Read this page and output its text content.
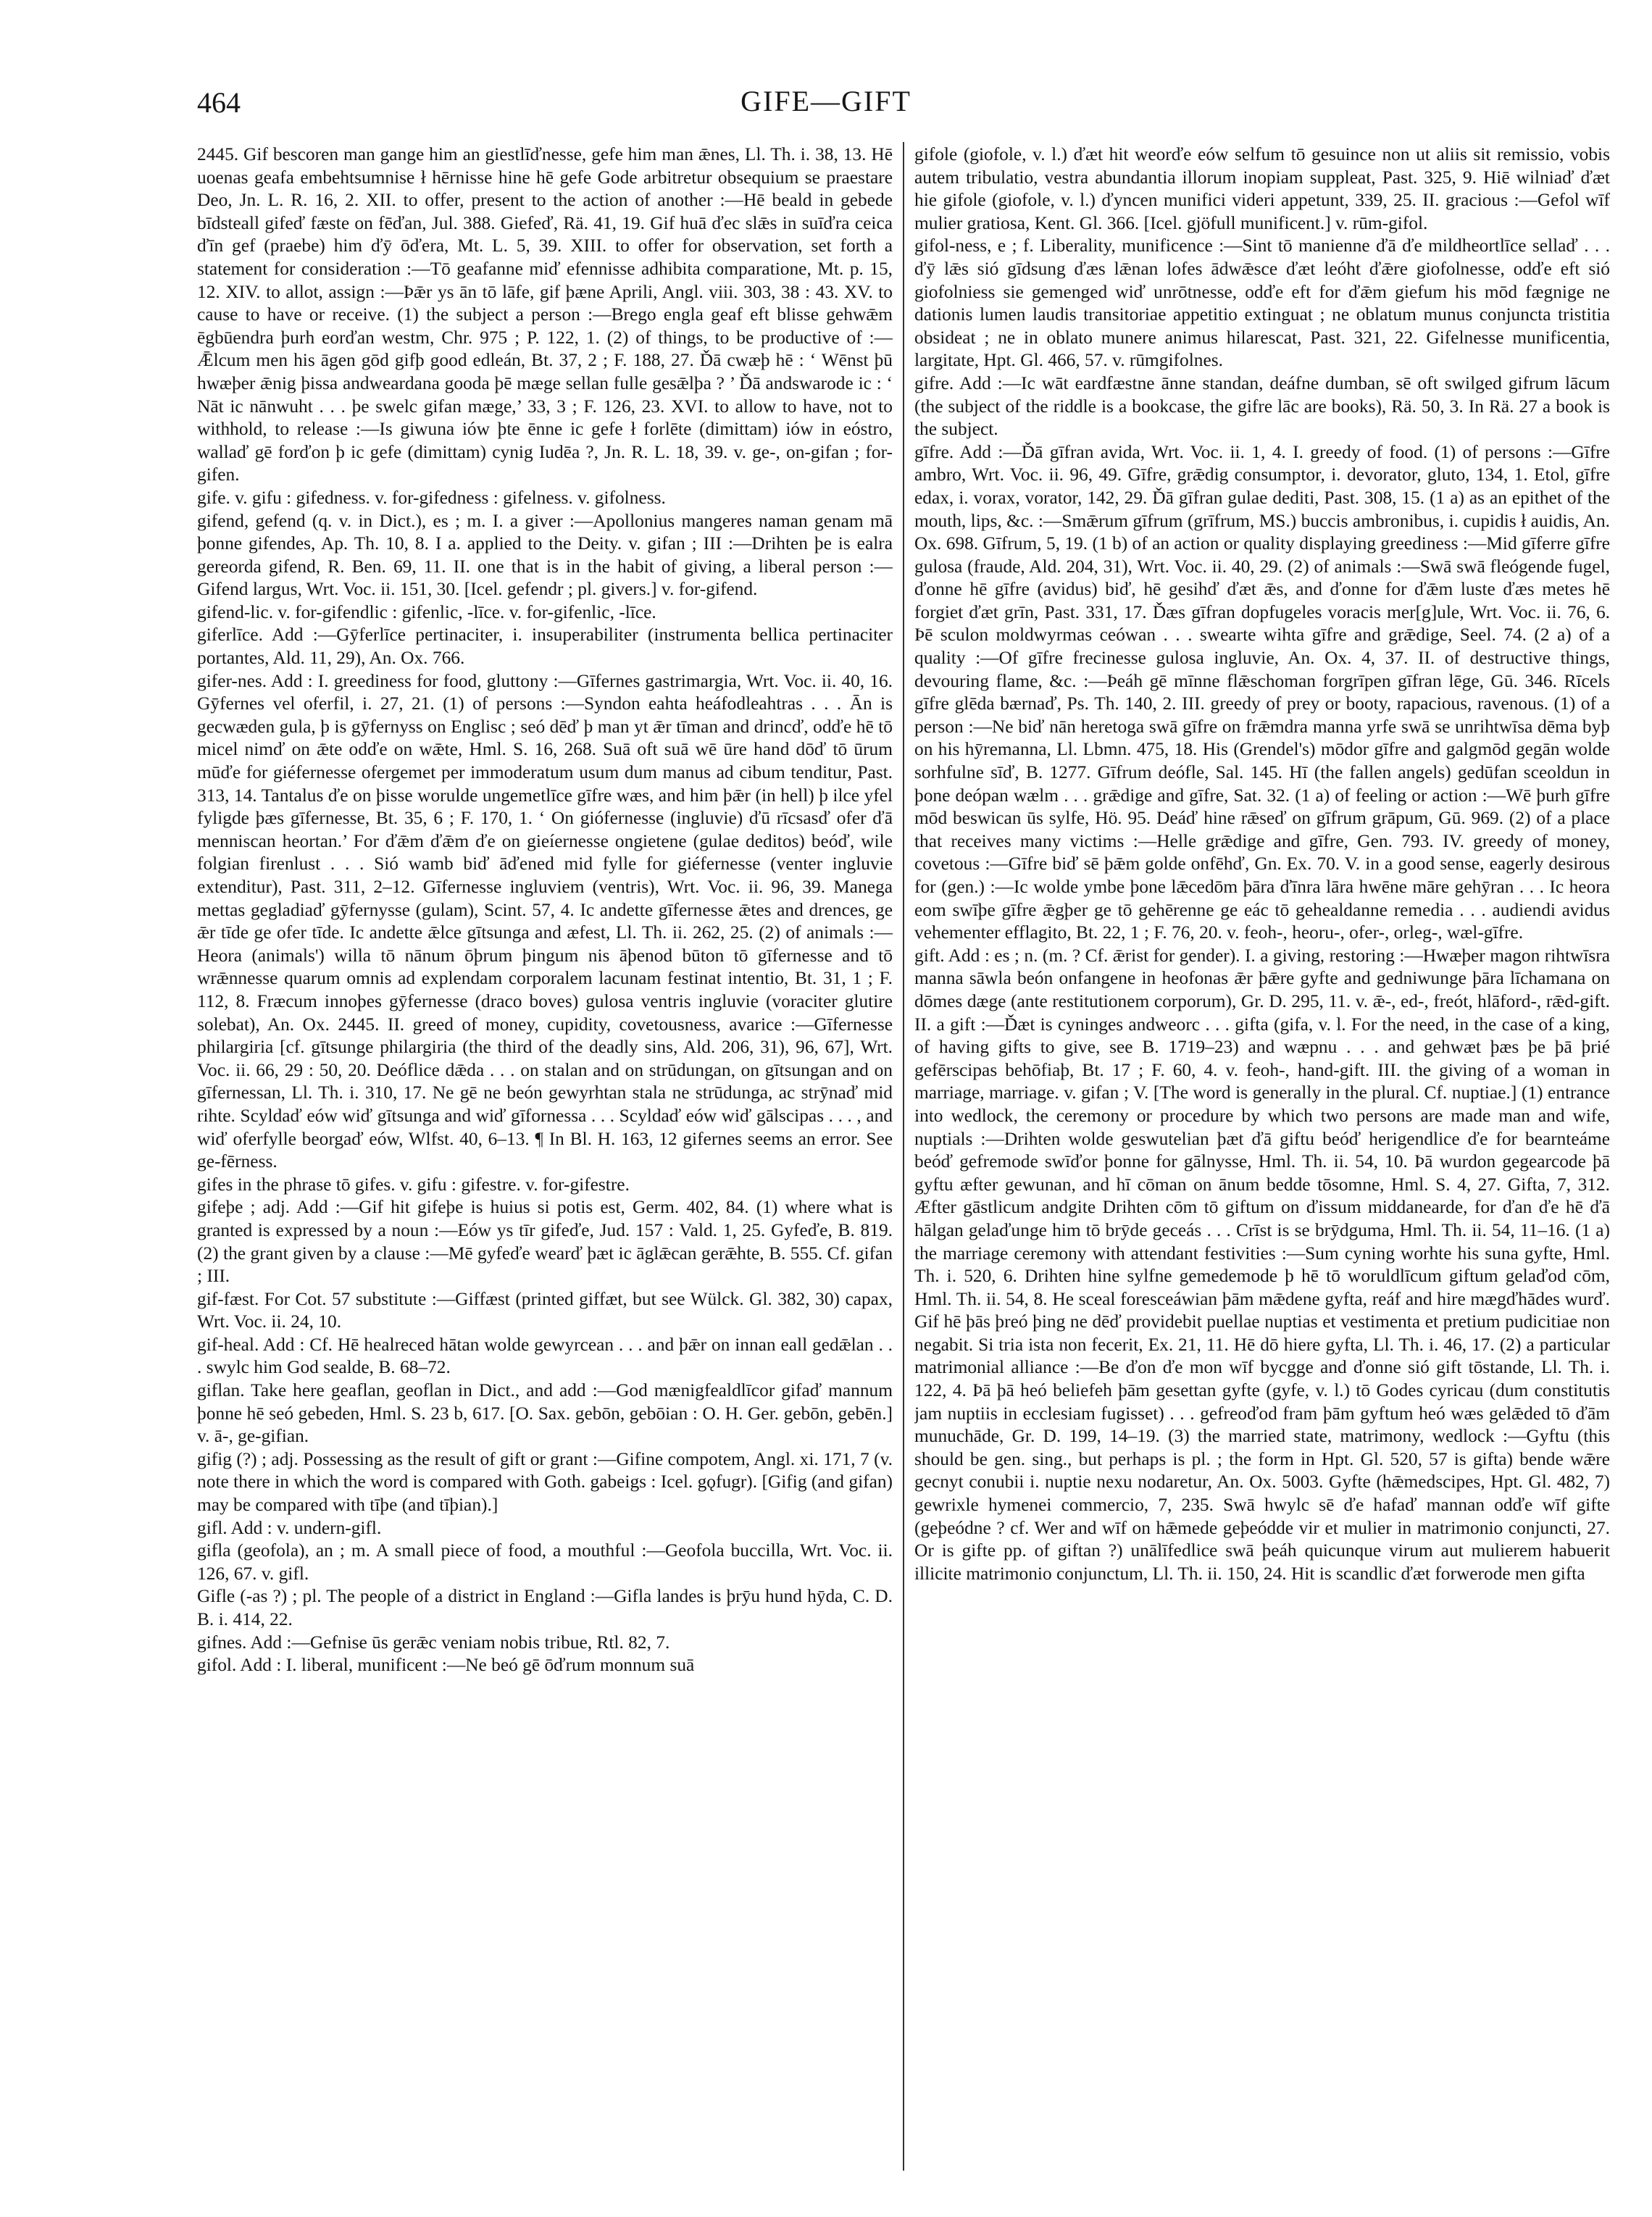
464	GIFE—GIFT

2445. Gif bescoren man gange him an giestlīďnesse, gefe him man ǣnes, Ll. Th. i. 38, 13. Hē uoenas geafa embehtsumnise ł hērnisse hine hē gefe Gode arbitretur obsequium se praestare Deo, Jn. L. R. 16, 2. XII. to offer, present to the action of another :—Hē beald in gebede bīdsteall gifeď fæste on fēďan, Jul. 388. Giefeď, Rä. 41, 19. Gif huā ďec slǣs in suīďra ceica ďīn gef (praebe) him ďȳ ōďera, Mt. L. 5, 39. XIII. to offer for observation, set forth a statement for consideration :—Tō geafanne miď efennisse adhibita comparatione, Mt. p. 15, 12. XIV. to allot, assign :—Þǣr ys ān tō lāfe, gif þæne Aprili, Angl. viii. 303, 38 : 43. XV. to cause to have or receive. (1) the subject a person :—Brego engla geaf eft blisse gehwǣm ēgbūendra þurh eorďan westm, Chr. 975 ; P. 122, 1. (2) of things, to be productive of :—Ǣlcum men his āgen gōd gifþ good edleán, Bt. 37, 2 ; F. 188, 27. Ďā cwæþ hē : ‘ Wēnst þū hwæþer ǣnig þissa andweardana gooda þē mæge sellan fulle gesǣlþa ? ’ Ďā andswarode ic : ‘ Nāt ic nānwuht . . . þe swelc gifan mæge,’ 33, 3 ; F. 126, 23. XVI. to allow to have, not to withhold, to release :—Is giwuna iów þte ēnne ic gefe ł forlēte (dimittam) iów in eóstro, wallaď gē forďon þ ic gefe (dimittam) cynig Iudēa ?, Jn. R. L. 18, 39. v. ge-, on-gifan ; for-gifen.

gife. v. gifu : gifedness. v. for-gifedness : gifelness. v. gifolness.

gifend, gefend (q. v. in Dict.), es ; m. I. a giver :—Apollonius mangeres naman genam mā þonne gifendes, Ap. Th. 10, 8. I a. applied to the Deity. v. gifan ; III :—Drihten þe is ealra gereorda gifend, R. Ben. 69, 11. II. one that is in the habit of giving, a liberal person :—Gifend largus, Wrt. Voc. ii. 151, 30. [Icel. gefendr ; pl. givers.] v. for-gifend.

gifend-lic. v. for-gifendlic : gifenlic, -līce. v. for-gifenlic, -līce.

giferlīce. Add :—Gȳferlīce pertinaciter, i. insuperabiliter (instrumenta bellica pertinaciter portantes, Ald. 11, 29), An. Ox. 766.

gifer-nes. Add : I. greediness for food, gluttony :—Gīfernes gastrimargia, Wrt. Voc. ii. 40, 16. Gȳfernes vel oferfil, i. 27, 21. (1) of persons :—Syndon eahta heáfodleahtras . . . Ān is gecwæden gula, þ is gȳfernyss on Englisc ; seó dēď þ man yt ǣr tīman and drincď, odďe hē tō micel nimď on ǣte odďe on wǣte, Hml. S. 16, 268. Suā oft suā wē ūre hand dōď tō ūrum mūďe for giéfernesse ofergemet per immoderatum usum dum manus ad cibum tenditur, Past. 313, 14. Tantalus ďe on þisse worulde ungemetlīce gīfre wæs, and him þǣr (in hell) þ ilce yfel fyligde þæs gīfernesse, Bt. 35, 6 ; F. 170, 1. ‘ On giófernesse (ingluvie) ďū rīcsasď ofer ďā menniscan heortan.’ For ďǣm ďǣm ďe on gieíernesse ongietene (gulae deditos) beóď, wile folgian firenlust . . . Sió wamb biď āďened mid fylle for giéfernesse (venter ingluvie extenditur), Past. 311, 2–12. Gīfernesse ingluviem (ventris), Wrt. Voc. ii. 96, 39. Manega mettas gegladiaď gȳfernysse (gulam), Scint. 57, 4. Ic andette gīfernesse ǣtes and drences, ge ǣr tīde ge ofer tīde. Ic andette ǣlce gītsunga and æfest, Ll. Th. ii. 262, 25. (2) of animals :—Heora (animals') willa tō nānum ōþrum þingum nis āþenod būton tō gīfernesse and tō wrǣnnesse quarum omnis ad explendam corporalem lacunam festinat intentio, Bt. 31, 1 ; F. 112, 8. Fræcum innoþes gȳfernesse (draco boves) gulosa ventris ingluvie (voraciter glutire solebat), An. Ox. 2445. II. greed of money, cupidity, covetousness, avarice :—Gīfernesse philargiria [cf. gītsunge philargiria (the third of the deadly sins, Ald. 206, 31), 96, 67], Wrt. Voc. ii. 66, 29 : 50, 20. Deóflice dǣda . . . on stalan and on strūdungan, on gītsungan and on gīfernessan, Ll. Th. i. 310, 17. Ne gē ne beón gewyrhtan stala ne strūdunga, ac strȳnaď mid rihte. Scyldaď eów wiď gītsunga and wiď gīfornessa . . . Scyldaď eów wiď gālscipas . . . , and wiď oferfylle beorgaď eów, Wlfst. 40, 6–13. ¶ In Bl. H. 163, 12 gifernes seems an error. See ge-fērness.

gifes in the phrase tō gifes. v. gifu : gifestre. v. for-gifestre.

gifeþe ; adj. Add :—Gif hit gifeþe is huius si potis est, Germ. 402, 84. (1) where what is granted is expressed by a noun :—Eów ys tīr gifeďe, Jud. 157 : Vald. 1, 25. Gyfeďe, B. 819. (2) the grant given by a clause :—Mē gyfeďe wearď þæt ic āglǣcan gerǣhte, B. 555. Cf. gifan ; III.

gif-fæst. For Cot. 57 substitute :—Giffæst (printed giffæt, but see Wülck. Gl. 382, 30) capax, Wrt. Voc. ii. 24, 10.

gif-heal. Add : Cf. Hē healreced hātan wolde gewyrcean . . . and þǣr on innan eall gedǣlan . . . swylc him God sealde, B. 68–72.

giflan. Take here geaflan, geoflan in Dict., and add :—God mænigfealdlīcor gifaď mannum þonne hē seó gebeden, Hml. S. 23 b, 617. [O. Sax. gebōn, gebōian : O. H. Ger. gebōn, gebēn.] v. ā-, ge-gifian.

gifig (?) ; adj. Possessing as the result of gift or grant :—Gifine compotem, Angl. xi. 171, 7 (v. note there in which the word is compared with Goth. gabeigs : Icel. gǫfugr). [Gifig (and gifan) may be compared with tīþe (and tīþian).]

gifl. Add : v. undern-gifl.

gifla (geofola), an ; m. A small piece of food, a mouthful :—Geofola buccilla, Wrt. Voc. ii. 126, 67. v. gifl.

Gifle (-as ?) ; pl. The people of a district in England :—Gifla landes is þrȳu hund hȳda, C. D. B. i. 414, 22.

gifnes. Add :—Gefnise ūs gerǣc veniam nobis tribue, Rtl. 82, 7.

gifol. Add : I. liberal, munificent :—Ne beó gē ōďrum monnum suā

gifole (giofole, v. l.) ďæt hit weorďe eów selfum tō gesuince non ut aliis sit remissio, vobis autem tribulatio, vestra abundantia illorum inopiam suppleat, Past. 325, 9. Hiē wilniaď ďæt hie gifole (giofole, v. l.) ďyncen munifici videri appetunt, 339, 25. II. gracious :—Gefol wīf mulier gratiosa, Kent. Gl. 366. [Icel. gjöfull munificent.] v. rūm-gifol.

gifol-ness, e ; f. Liberality, munificence :—Sint tō manienne ďā ďe mildheortlīce sellaď . . . ďȳ lǣs sió gīdsung ďæs lǣnan lofes ādwǣsce ďæt leóht ďǣre giofolnesse, odďe eft sió giofolniess sie gemenged wiď unrōtnesse, odďe eft for ďǣm giefum his mōd fægnige ne dationis lumen laudis transitoriae appetitio extinguat ; ne oblatum munus conjuncta tristitia obsideat ; ne in oblato munere animus hilarescat, Past. 321, 22. Gifelnesse munificentia, largitate, Hpt. Gl. 466, 57. v. rūmgifolnes.

gifre. Add :—Ic wāt eardfæstne ānne standan, deáfne dumban, sē oft swilged gifrum lācum (the subject of the riddle is a bookcase, the gifre lāc are books), Rä. 50, 3. In Rä. 27 a book is the subject.

gīfre. Add :—Ďā gīfran avida, Wrt. Voc. ii. 1, 4. I. greedy of food. (1) of persons :—Gīfre ambro, Wrt. Voc. ii. 96, 49. Gīfre, grǣdig consumptor, i. devorator, gluto, 134, 1. Etol, gīfre edax, i. vorax, vorator, 142, 29. Ďā gīfran gulae dediti, Past. 308, 15. (1 a) as an epithet of the mouth, lips, &c. :—Smǣrum gīfrum (grīfrum, MS.) buccis ambronibus, i. cupidis ł auidis, An. Ox. 698. Gīfrum, 5, 19. (1 b) of an action or quality displaying greediness :—Mid gīferre gīfre gulosa (fraude, Ald. 204, 31), Wrt. Voc. ii. 40, 29. (2) of animals :—Swā swā fleógende fugel, ďonne hē gīfre (avidus) biď, hē gesihď ďæt ǣs, and ďonne for ďǣm luste ďæs metes hē forgiet ďæt grīn, Past. 331, 17. Ďæs gīfran dopfugeles voracis mer[g]ule, Wrt. Voc. ii. 76, 6. Þē sculon moldwyrmas ceówan . . . swearte wihta gīfre and grǣdige, Seel. 74. (2 a) of a quality :—Of gīfre frecinesse gulosa ingluvie, An. Ox. 4, 37. II. of destructive things, devouring flame, &c. :—Þeáh gē mīnne flǣschoman forgrīpen gīfran lēge, Gū. 346. Rīcels gīfre glēda bærnaď, Ps. Th. 140, 2. III. greedy of prey or booty, rapacious, ravenous. (1) of a person :—Ne biď nān heretoga swā gīfre on frǣmdra manna yrfe swā se unrihtwīsa dēma byþ on his hȳremanna, Ll. Lbmn. 475, 18. His (Grendel's) mōdor gīfre and galgmōd gegān wolde sorhfulne sīď, B. 1277. Gīfrum deófle, Sal. 145. Hī (the fallen angels) gedūfan sceoldun in þone deópan wælm . . . grǣdige and gīfre, Sat. 32. (1 a) of feeling or action :—Wē þurh gīfre mōd beswican ūs sylfe, Hö. 95. Deáď hine rǣseď on gīfrum grāpum, Gū. 969. (2) of a place that receives many victims :—Helle grǣdige and gīfre, Gen. 793. IV. greedy of money, covetous :—Gīfre biď sē þǣm golde onfēhď, Gn. Ex. 70. V. in a good sense, eagerly desirous for (gen.) :—Ic wolde ymbe þone lǣcedōm þāra ďīnra lāra hwēne māre gehȳran . . . Ic heora eom swīþe gīfre ǣgþer ge tō gehērenne ge eác tō gehealdanne remedia . . . audiendi avidus vehementer efflagito, Bt. 22, 1 ; F. 76, 20. v. feoh-, heoru-, ofer-, orleg-, wæl-gīfre.

gift. Add : es ; n. (m. ? Cf. ǣrist for gender). I. a giving, restoring :—Hwæþer magon rihtwīsra manna sāwla beón onfangene in heofonas ǣr þǣre gyfte and gedniwunge þāra līchamana on dōmes dæge (ante restitutionem corporum), Gr. D. 295, 11. v. ǣ-, ed-, freót, hlāford-, rǣd-gift. II. a gift :—Ďæt is cyninges andweorc . . . gifta (gifa, v. l. For the need, in the case of a king, of having gifts to give, see B. 1719–23) and wæpnu . . . and gehwæt þæs þe þā þrié gefērscipas behōfiaþ, Bt. 17 ; F. 60, 4. v. feoh-, hand-gift. III. the giving of a woman in marriage, marriage. v. gifan ; V. [The word is generally in the plural. Cf. nuptiae.] (1) entrance into wedlock, the ceremony or procedure by which two persons are made man and wife, nuptials :—Drihten wolde geswutelian þæt ďā giftu beóď herigendlice ďe for bearnteáme beóď gefremode swīďor þonne for gālnysse, Hml. Th. ii. 54, 10. Þā wurdon gegearcode þā gyftu æfter gewunan, and hī cōman on ānum bedde tōsomne, Hml. S. 4, 27. Gifta, 7, 312. Æfter gāstlicum andgite Drihten cōm tō giftum on ďissum middanearde, for ďan ďe hē ďā hālgan gelaďunge him tō brȳde geceás . . . Crīst is se brȳdguma, Hml. Th. ii. 54, 11–16. (1 a) the marriage ceremony with attendant festivities :—Sum cyning worhte his suna gyfte, Hml. Th. i. 520, 6. Drihten hine sylfne gemedemode þ hē tō woruldlīcum giftum gelaďod cōm, Hml. Th. ii. 54, 8. He sceal foresceáwian þām mǣdene gyfta, reáf and hire mægďhādes wurď. Gif hē þās þreó þing ne dēď providebit puellae nuptias et vestimenta et pretium pudicitiae non negabit. Si tria ista non fecerit, Ex. 21, 11. Hē dō hiere gyfta, Ll. Th. i. 46, 17. (2) a particular matrimonial alliance :—Be ďon ďe mon wīf bycgge and ďonne sió gift tōstande, Ll. Th. i. 122, 4. Þā þā heó beliefeh þām gesettan gyfte (gyfe, v. l.) tō Godes cyricau (dum constitutis jam nuptiis in ecclesiam fugisset) . . . gefreoďod fram þām gyftum heó wæs gelǣded tō ďām munuchāde, Gr. D. 199, 14–19. (3) the married state, matrimony, wedlock :—Gyftu (this should be gen. sing., but perhaps is pl. ; the form in Hpt. Gl. 520, 57 is gifta) bende wǣre gecnyt conubii i. nuptie nexu nodaretur, An. Ox. 5003. Gyfte (hǣmedscipes, Hpt. Gl. 482, 7) gewrixle hymenei commercio, 7, 235. Swā hwylc sē ďe hafaď mannan odďe wīf gifte (geþeódne ? cf. Wer and wīf on hǣmede geþeódde vir et mulier in matrimonio conjuncti, 27. Or is gifte pp. of giftan ?) unālīfedlice swā þeáh quicunque virum aut mulierem habuerit illicite matrimonio conjunctum, Ll. Th. ii. 150, 24. Hit is scandlic ďæt forwerode men gifta
